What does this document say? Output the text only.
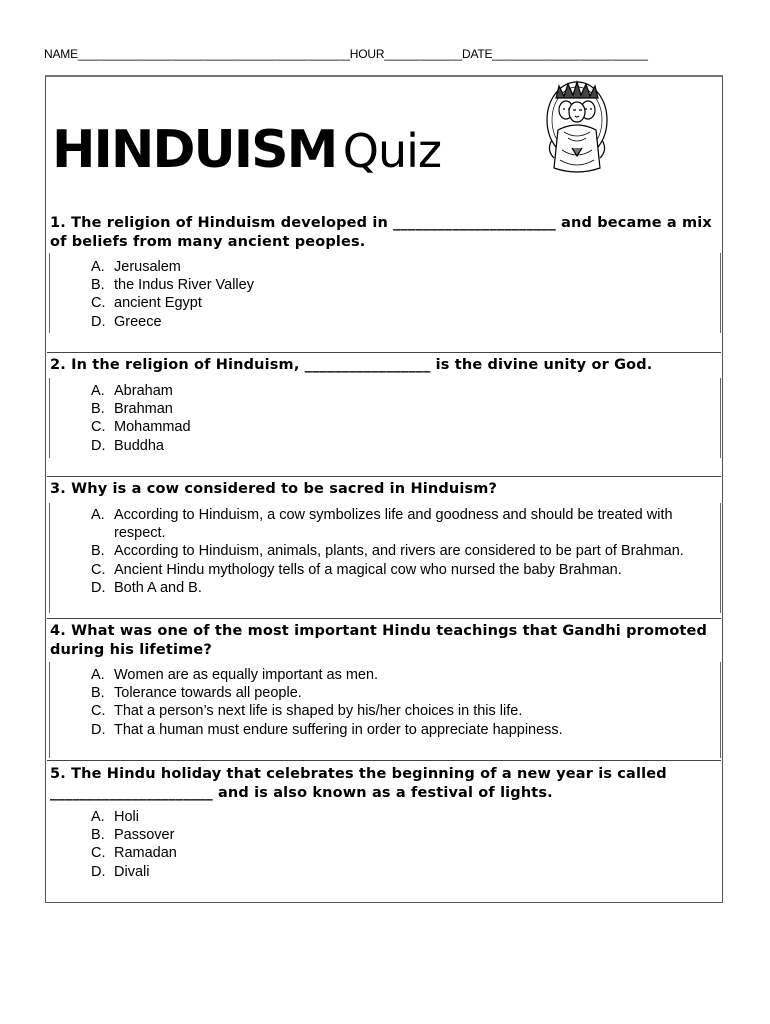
NAME__________________________________________HOUR____________DATE________________________
HINDUISM Quiz
1. The religion of Hinduism developed in ______________________ and became a mix of beliefs from many ancient peoples.
A. Jerusalem
B. the Indus River Valley
C. ancient Egypt
D. Greece
2. In the religion of Hinduism, _________________ is the divine unity or God.
A. Abraham
B. Brahman
C. Mohammad
D. Buddha
3. Why is a cow considered to be sacred in Hinduism?
A. According to Hinduism, a cow symbolizes life and goodness and should be treated with respect.
B. According to Hinduism, animals, plants, and rivers are considered to be part of Brahman.
C. Ancient Hindu mythology tells of a magical cow who nursed the baby Brahman.
D. Both A and B.
4. What was one of the most important Hindu teachings that Gandhi promoted during his lifetime?
A. Women are as equally important as men.
B. Tolerance towards all people.
C. That a person’s next life is shaped by his/her choices in this life.
D. That a human must endure suffering in order to appreciate happiness.
5. The Hindu holiday that celebrates the beginning of a new year is called ______________________ and is also known as a festival of lights.
A. Holi
B. Passover
C. Ramadan
D. Divali
